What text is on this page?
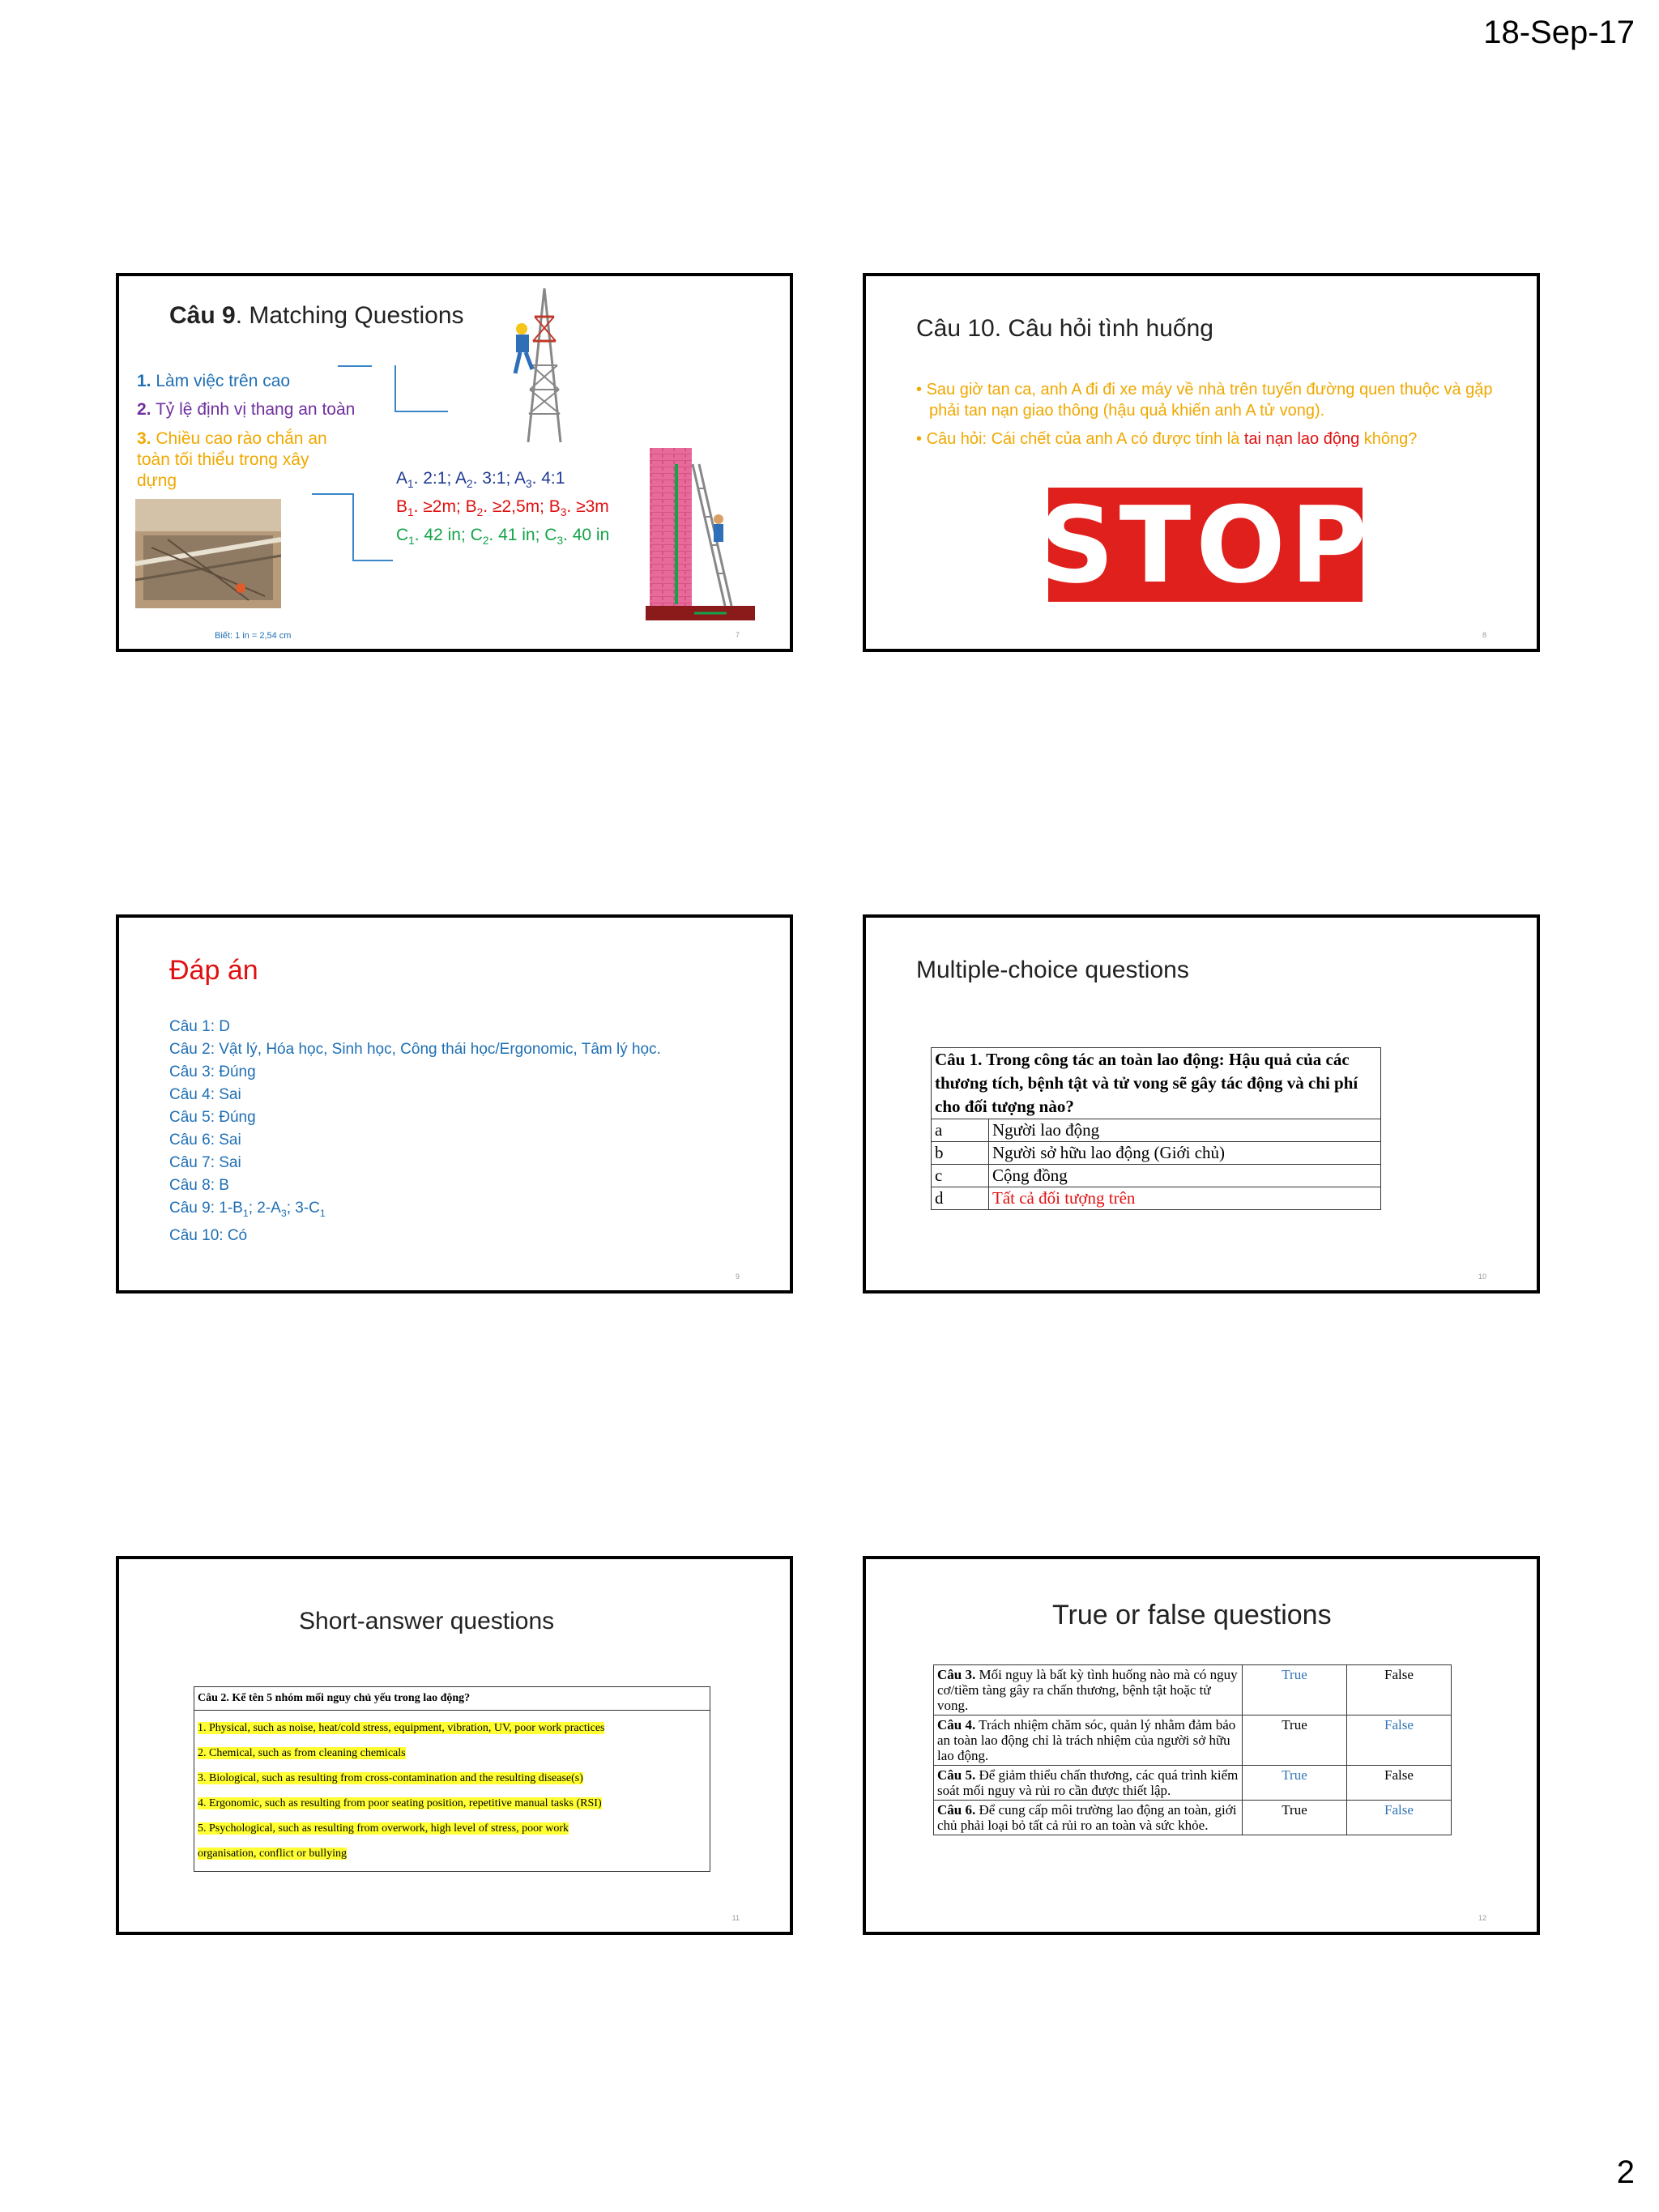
18-Sep-17
Câu 9. Matching Questions
1. Làm việc trên cao
2. Tỷ lệ định vị thang an toàn
3. Chiều cao rào chắn an toàn tối thiểu trong xây dựng	$A_1$. 2:1; $A_2$. 3:1; $A_3$. 4:1
$B_1$. ≥2m; $B_2$. ≥2,5m; $B_3$. ≥3m
$C_1$. 42 in; $C_2$. 41 in; $C_3$. 40 in
Biết: 1 in = 2,54 cm	7
Câu 10. Câu hỏi tình huống
• Sau giờ tan ca, anh A đi đi xe máy về nhà trên tuyến đường quen thuộc và gặp phải tan nạn giao thông (hậu quả khiến anh A tử vong).
• Câu hỏi: Cái chết của anh A có được tính là tai nạn lao động không?
STOP
8
Đáp án
Câu 1: D
Câu 2: Vật lý, Hóa học, Sinh học, Công thái học/Ergonomic, Tâm lý học.
Câu 3: Đúng
Câu 4: Sai
Câu 5: Đúng
Câu 6: Sai
Câu 7: Sai
Câu 8: B
Câu 9: $1-B_1$; $2-A_3$; $3-C_1$
Câu 10: Có
9
Multiple-choice questions
Câu 1. Trong công tác an toàn lao động: Hậu quả của các thương tích, bệnh tật và tử vong sẽ gây tác động và chi phí cho đối tượng nào?	
a	Người lao động
b	Người sở hữu lao động (Giới chủ)
c	Cộng đồng
d	Tất cả đối tượng trên
10
Short-answer questions
Câu 2. Kể tên 5 nhóm mối nguy chủ yếu trong lao động?
1. Physical, such as noise, heat/cold stress, equipment, vibration, UV, poor work practices
2. Chemical, such as from cleaning chemicals
3. Biological, such as resulting from cross-contamination and the resulting disease(s)
4. Ergonomic, such as resulting from poor seating position, repetitive manual tasks (RSI)
5. Psychological, such as resulting from overwork, high level of stress, poor work
organisation, conflict or bullying
11
True or false questions
Câu 3. Mối nguy là bất kỳ tình huống nào mà có nguy cơ/tiềm tàng gây ra chấn thương, bệnh tật hoặc tử vong.	True	False
Câu 4. Trách nhiệm chăm sóc, quản lý nhằm đảm bảo an toàn lao động chỉ là trách nhiệm của người sở hữu lao động.	True	False
Câu 5. Để giảm thiểu chấn thương, các quá trình kiểm soát mối nguy và rủi ro cần được thiết lập.	True	False
Câu 6. Để cung cấp môi trường lao động an toàn, giới chủ phải loại bỏ tất cả rủi ro an toàn và sức khỏe.	True	False
12
2
